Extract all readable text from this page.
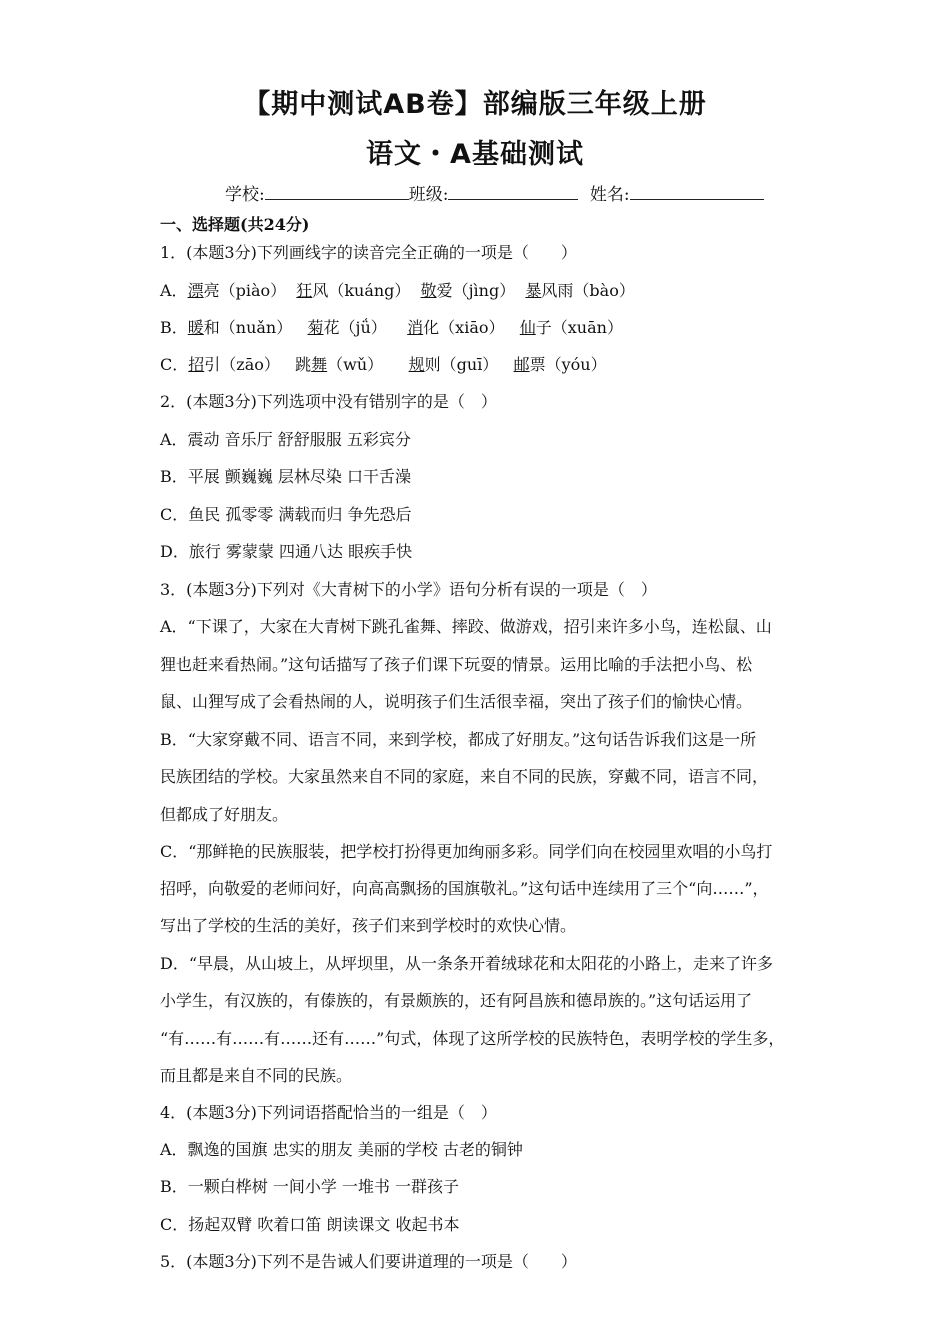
【期中测试AB卷】部编版三年级上册
语文・A基础测试
学校:	班级:	姓名:
一、选择题(共24分)
1．(本题3分)下列画线字的读音完全正确的一项是（　　）
A．漂亮（piào） 狂风（kuáng） 敬爱（jìng） 暴风雨（bào）
B．暖和（nuǎn） 菊花（jǘ） 消化（xiāo） 仙子（xuān）
C．招引（zāo） 跳舞（wǔ） 规则（guī） 邮票（yóu）
2．(本题3分)下列选项中没有错别字的是（　）
A．震动 音乐厅 舒舒服服 五彩宾分
B．平展 颤巍巍 层林尽染 口干舌澡
C．鱼民 孤零零 满载而归 争先恐后
D．旅行 雾蒙蒙 四通八达 眼疾手快
3．(本题3分)下列对《大青树下的小学》语句分析有误的一项是（　）
A．“下课了，大家在大青树下跳孔雀舞、摔跤、做游戏，招引来许多小鸟，连松鼠、山
狸也赶来看热闹。”这句话描写了孩子们课下玩耍的情景。运用比喻的手法把小鸟、松
鼠、山狸写成了会看热闹的人，说明孩子们生活很幸福，突出了孩子们的愉快心情。
B．“大家穿戴不同、语言不同，来到学校，都成了好朋友。”这句话告诉我们这是一所
民族团结的学校。大家虽然来自不同的家庭，来自不同的民族，穿戴不同，语言不同，
但都成了好朋友。
C．“那鲜艳的民族服装，把学校打扮得更加绚丽多彩。同学们向在校园里欢唱的小鸟打
招呼，向敬爱的老师问好，向高高飘扬的国旗敬礼。”这句话中连续用了三个“向……”，
写出了学校的生活的美好，孩子们来到学校时的欢快心情。
D．“早晨，从山坡上，从坪坝里，从一条条开着绒球花和太阳花的小路上，走来了许多
小学生，有汉族的，有傣族的，有景颇族的，还有阿昌族和德昂族的。”这句话运用了
“有……有……有……还有……”句式，体现了这所学校的民族特色，表明学校的学生多，
而且都是来自不同的民族。
4．(本题3分)下列词语搭配恰当的一组是（　）
A．飘逸的国旗 忠实的朋友 美丽的学校 古老的铜钟
B．一颗白桦树 一间小学 一堆书 一群孩子
C．扬起双臂 吹着口笛 朗读课文 收起书本
5．(本题3分)下列不是告诫人们要讲道理的一项是（　　）
